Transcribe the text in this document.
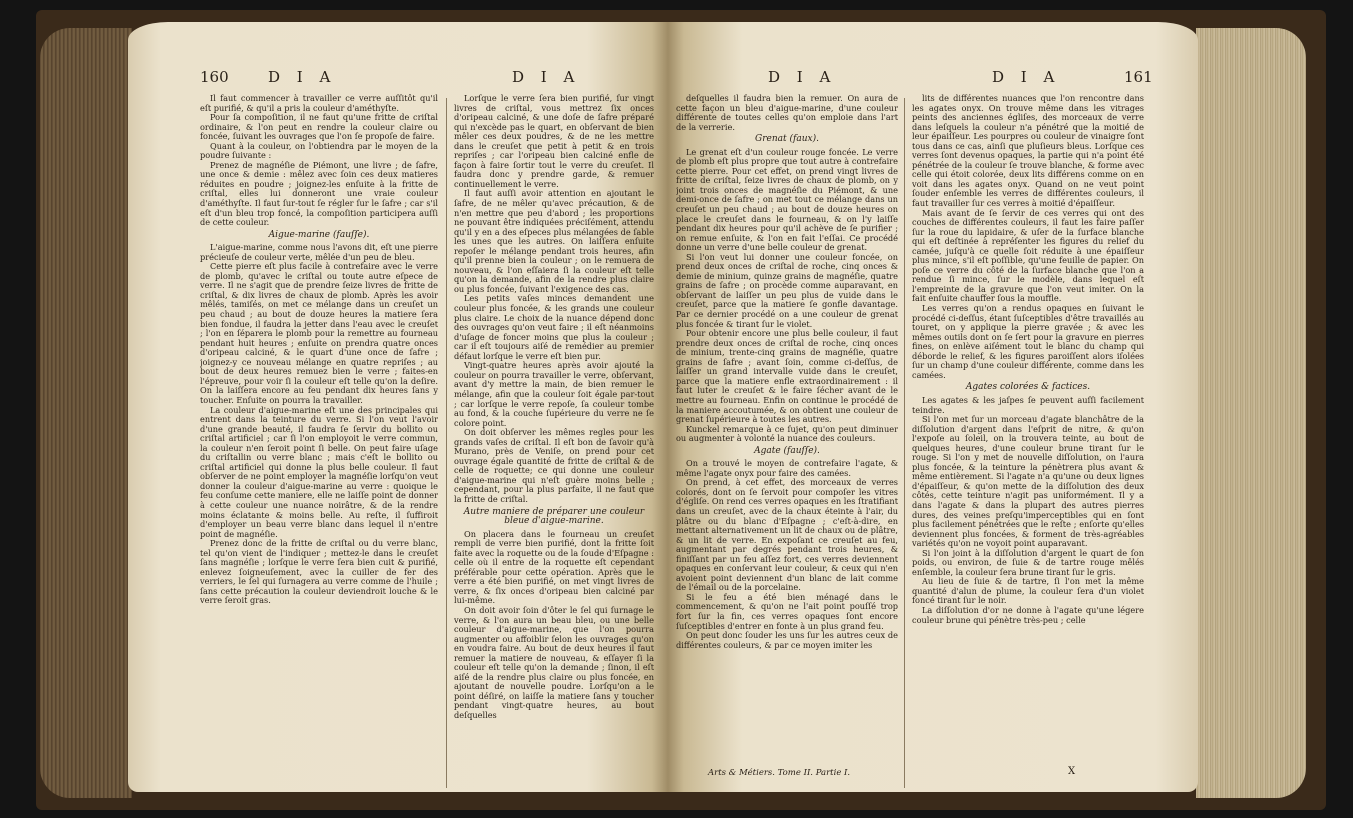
160	D I A	D I A

Il faut commencer à travailler ce verre auſſitôt qu'il eſt purifié, & qu'il a pris la couleur d'améthyſte.

Pour ſa compoſition, il ne faut qu'une fritte de criſtal ordinaire, & l'on peut en rendre la couleur claire ou foncée, ſuivant les ouvrages que l'on ſe propoſe de faire.

Quant à la couleur, on l'obtiendra par le moyen de la poudre ſuivante :

Prenez de magnéſie de Piémont, une livre ; de ſafre, une once & demie : mêlez avec ſoin ces deux matieres réduites en poudre ; joignez-les enſuite à la fritte de criſtal, elles lui donneront une vraie couleur d'améthyſte. Il faut ſur-tout ſe régler ſur le ſafre ; car s'il eſt d'un bleu trop foncé, la compoſition participera auſſi de cette couleur.

Aigue-marine (fauſſe).

L'aigue-marine, comme nous l'avons dit, eſt une pierre précieuſe de couleur verte, mêlée d'un peu de bleu.

Cette pierre eſt plus facile à contrefaire avec le verre de plomb, qu'avec le criſtal ou toute autre eſpece de verre. Il ne s'agit que de prendre ſeize livres de fritte de criſtal, & dix livres de chaux de plomb. Après les avoir mêlés, tamiſés, on met ce mélange dans un creuſet un peu chaud ; au bout de douze heures la matiere ſera bien fondue, il faudra la jetter dans l'eau avec le creuſet ; l'on en ſéparera le plomb pour la remettre au fourneau pendant huit heures ; enſuite on prendra quatre onces d'oripeau calciné, & le quart d'une once de ſafre ; joignez-y ce nouveau mélange en quatre repriſes ; au bout de deux heures remuez bien le verre ; faites-en l'épreuve, pour voir ſi la couleur eſt telle qu'on la deſire. On la laiſſera encore au feu pendant dix heures ſans y toucher. Enſuite on pourra la travailler.

La couleur d'aigue-marine eſt une des principales qui entrent dans la teinture du verre. Si l'on veut l'avoir d'une grande beauté, il faudra ſe ſervir du bollito ou criſtal artificiel ; car ſi l'on employoit le verre commun, la couleur n'en ſeroit point ſi belle. On peut faire uſage du criſtallin ou verre blanc ; mais c'eſt le bollito ou criſtal artificiel qui donne la plus belle couleur. Il faut obſerver de ne point employer la magnéſie lorſqu'on veut donner la couleur d'aigue-marine au verre : quoique le feu conſume cette maniere, elle ne laiſſe point de donner à cette couleur une nuance noirâtre, & de la rendre moins éclatante & moins belle. Au reſte, il ſuffiroit d'employer un beau verre blanc dans lequel il n'entre point de magnéſie.

Prenez donc de la fritte de criſtal ou du verre blanc, tel qu'on vient de l'indiquer ; mettez-le dans le creuſet ſans magnéſie ; lorſque le verre ſera bien cuit & purifié, enlevez ſoigneuſement, avec la cuiller de fer des verriers, le ſel qui ſurnagera au verre comme de l'huile ; ſans cette précaution la couleur deviendroit louche & le verre ſeroit gras.

Lorſque le verre ſera bien purifié, ſur vingt livres de criſtal, vous mettrez ſix onces d'oripeau calciné, & une doſe de ſafre préparé qui n'excède pas le quart, en obſervant de bien mêler ces deux poudres, & de ne les mettre dans le creuſet que petit à petit & en trois repriſes ; car l'oripeau bien calciné enfle de façon à faire ſortir tout le verre du creuſet. Il faudra donc y prendre garde, & remuer continuellement le verre.

Il faut auſſi avoir attention en ajoutant le ſafre, de ne mêler qu'avec précaution, & de n'en mettre que peu d'abord ; les proportions ne pouvant être indiquées préciſément, attendu qu'il y en a des eſpeces plus mélangées de ſable les unes que les autres. On laiſſera enſuite repoſer le mélange pendant trois heures, afin qu'il prenne bien la couleur ; on le remuera de nouveau, & l'on eſſaiera ſi la couleur eſt telle qu'on la demande, afin de la rendre plus claire ou plus foncée, ſuivant l'exigence des cas.

Les petits vaſes minces demandent une couleur plus foncée, & les grands une couleur plus claire. Le choix de la nuance dépend donc des ouvrages qu'on veut faire ; il eſt néanmoins d'uſage de foncer moins que plus la couleur ; car il eſt toujours aiſé de remédier au premier défaut lorſque le verre eſt bien pur.

Vingt-quatre heures après avoir ajouté la couleur on pourra travailler le verre, obſervant, avant d'y mettre la main, de bien remuer le mélange, afin que la couleur ſoit égale par-tout ; car lorſque le verre repoſe, ſa couleur tombe au fond, & la couche ſupérieure du verre ne ſe colore point.

On doit obſerver les mêmes regles pour les grands vaſes de criſtal. Il eſt bon de ſavoir qu'à Murano, près de Veniſe, on prend pour cet ouvrage égale quantité de fritte de criſtal & de celle de roquette; ce qui donne une couleur d'aigue-marine qui n'eſt guère moins belle ; cependant, pour la plus parfaite, il ne faut que la fritte de criſtal.

Autre maniere de préparer une couleur bleue d'aigue-marine.

On placera dans le fourneau un creuſet rempli de verre bien purifié, dont la fritte ſoit faite avec la roquette ou de la ſoude d'Eſpagne : celle où il entre de la roquette eſt cependant préférable pour cette opération. Après que le verre a été bien purifié, on met vingt livres de verre, & ſix onces d'oripeau bien calciné par lui-même.

On doit avoir ſoin d'ôter le ſel qui ſurnage le verre, & l'on aura un beau bleu, ou une belle couleur d'aigue-marine, que l'on pourra augmenter ou affoiblir ſelon les ouvrages qu'on en voudra faire. Au bout de deux heures il faut remuer la matiere de nouveau, & eſſayer ſi la couleur eſt telle qu'on la demande ; ſinon, il eſt aiſé de la rendre plus claire ou plus foncée, en ajoutant de nouvelle poudre. Lorſqu'on a le point déſiré, on laiſſe la matiere ſans y toucher pendant vingt-quatre heures, au bout deſquelles

D I A	D I A	161

deſquelles il faudra bien la remuer. On aura de cette façon un bleu d'aigue-marine, d'une couleur différente de toutes celles qu'on emploie dans l'art de la verrerie.

Grenat (faux).

Le grenat eſt d'un couleur rouge foncée. Le verre de plomb eſt plus propre que tout autre à contrefaire cette pierre. Pour cet effet, on prend vingt livres de fritte de criſtal, ſeize livres de chaux de plomb, on y joint trois onces de magnéſie du Piémont, & une demi-once de ſafre ; on met tout ce mélange dans un creuſet un peu chaud ; au bout de douze heures on place le creuſet dans le fourneau, & on l'y laiſſe pendant dix heures pour qu'il achève de ſe purifier ; on remue enſuite, & l'on en fait l'eſſai. Ce procédé donne un verre d'une belle couleur de grenat.

Si l'on veut lui donner une couleur foncée, on prend deux onces de criſtal de roche, cinq onces & demie de minium, quinze grains de magnéſie, quatre grains de ſafre ; on procède comme auparavant, en obſervant de laiſſer un peu plus de vuide dans le creuſet, parce que la matiere ſe gonfle davantage. Par ce dernier procédé on a une couleur de grenat plus foncée & tirant ſur le violet.

Pour obtenir encore une plus belle couleur, il faut prendre deux onces de criſtal de roche, cinq onces de minium, trente-cinq grains de magnéſie, quatre grains de ſafre ; avant ſoin, comme ci-deſſus, de laiſſer un grand intervalle vuide dans le creuſet, parce que la matiere enfle extraordinairement : il faut luter le creuſet & le faire ſécher avant de le mettre au fourneau. Enfin on continue le procédé de la maniere accoutumée, & on obtient une couleur de grenat ſupérieure à toutes les autres.

Kunckel remarque à ce ſujet, qu'on peut diminuer ou augmenter à volonté la nuance des couleurs.

Agate (fauſſe).

On a trouvé le moyen de contrefaire l'agate, & même l'agate onyx pour faire des camées.

On prend, à cet effet, des morceaux de verres colorés, dont on ſe ſervoit pour compoſer les vitres d'égliſe. On rend ces verres opaques en les ſtratifiant dans un creuſet, avec de la chaux éteinte à l'air, du plâtre ou du blanc d'Eſpagne ; c'eſt-à-dire, en mettant alternativement un lit de chaux ou de plâtre, & un lit de verre. En expoſant ce creuſet au feu, augmentant par degrés pendant trois heures, & finiſſant par un feu aſſez fort, ces verres deviennent opaques en conſervant leur couleur, & ceux qui n'en avoient point deviennent d'un blanc de lait comme de l'émail ou de la porcelaine.

Si le feu a été bien ménagé dans le commencement, & qu'on ne l'ait point pouſſé trop fort ſur la fin, ces verres opaques ſont encore ſuſceptibles d'entrer en fonte à un plus grand feu.

On peut donc ſouder les uns ſur les autres ceux de différentes couleurs, & par ce moyen imiter les

lits de différentes nuances que l'on rencontre dans les agates onyx. On trouve même dans les vitrages peints des anciennes égliſes, des morceaux de verre dans leſquels la couleur n'a pénétré que la moitié de leur épaiſſeur. Les pourpres ou couleur de vinaigre ſont tous dans ce cas, ainſi que pluſieurs bleus. Lorſque ces verres ſont devenus opaques, la partie qui n'a point été pénétrée de la couleur ſe trouve blanche, & forme avec celle qui étoit colorée, deux lits différens comme on en voit dans les agates onyx. Quand on ne veut point ſouder enſemble les verres de différentes couleurs, il faut travailler ſur ces verres à moitié d'épaiſſeur.

Mais avant de ſe ſervir de ces verres qui ont des couches de différentes couleurs, il faut les faire paſſer ſur la roue du lapidaire, & uſer de la ſurface blanche qui eſt deſtinée à repréſenter les figures du relief du camée, juſqu'à ce quelle ſoit réduite à une épaiſſeur plus mince, s'il eſt poſſible, qu'une feuille de papier. On poſe ce verre du côté de la ſurface blanche que l'on a rendue ſi mince, ſur le modèle, dans lequel eſt l'empreinte de la gravure que l'on veut imiter. On la fait enſuite chauffer ſous la mouffle.

Les verres qu'on a rendus opaques en ſuivant le procédé ci-deſſus, étant ſuſceptibles d'être travaillés au touret, on y applique la pierre gravée ; & avec les mêmes outils dont on ſe ſert pour la gravure en pierres fines, on enlève aiſément tout le blanc du champ qui déborde le relief, & les figures paroiſſent alors iſolées ſur un champ d'une couleur différente, comme dans les camées.

Agates colorées & factices.

Les agates & les jaſpes ſe peuvent auſſi facilement teindre.

Si l'on met ſur un morceau d'agate blanchâtre de la diſſolution d'argent dans l'eſprit de nitre, & qu'on l'expoſe au ſoleil, on la trouvera teinte, au bout de quelques heures, d'une couleur brune tirant ſur le rouge. Si l'on y met de nouvelle diſſolution, on l'aura plus foncée, & la teinture la pénètrera plus avant & même entièrement. Si l'agate n'a qu'une ou deux lignes d'épaiſſeur, & qu'on mette de la diſſolution des deux côtés, cette teinture n'agit pas uniformément. Il y a dans l'agate & dans la plupart des autres pierres dures, des veines preſqu'imperceptibles qui en ſont plus facilement pénétrées que le reſte ; enſorte qu'elles deviennent plus foncées, & forment de très-agréables variétés qu'on ne voyoit point auparavant.

Si l'on joint à la diſſolution d'argent le quart de ſon poids, ou environ, de ſuie & de tartre rouge mêlés enſemble, la couleur ſera brune tirant ſur le gris.

Au lieu de ſuie & de tartre, ſi l'on met la même quantité d'alun de plume, la couleur ſera d'un violet foncé tirant ſur le noir.

La diſſolution d'or ne donne à l'agate qu'une légere couleur brune qui pénètre très-peu ; celle

Arts & Métiers. Tome II. Partie I.	X
